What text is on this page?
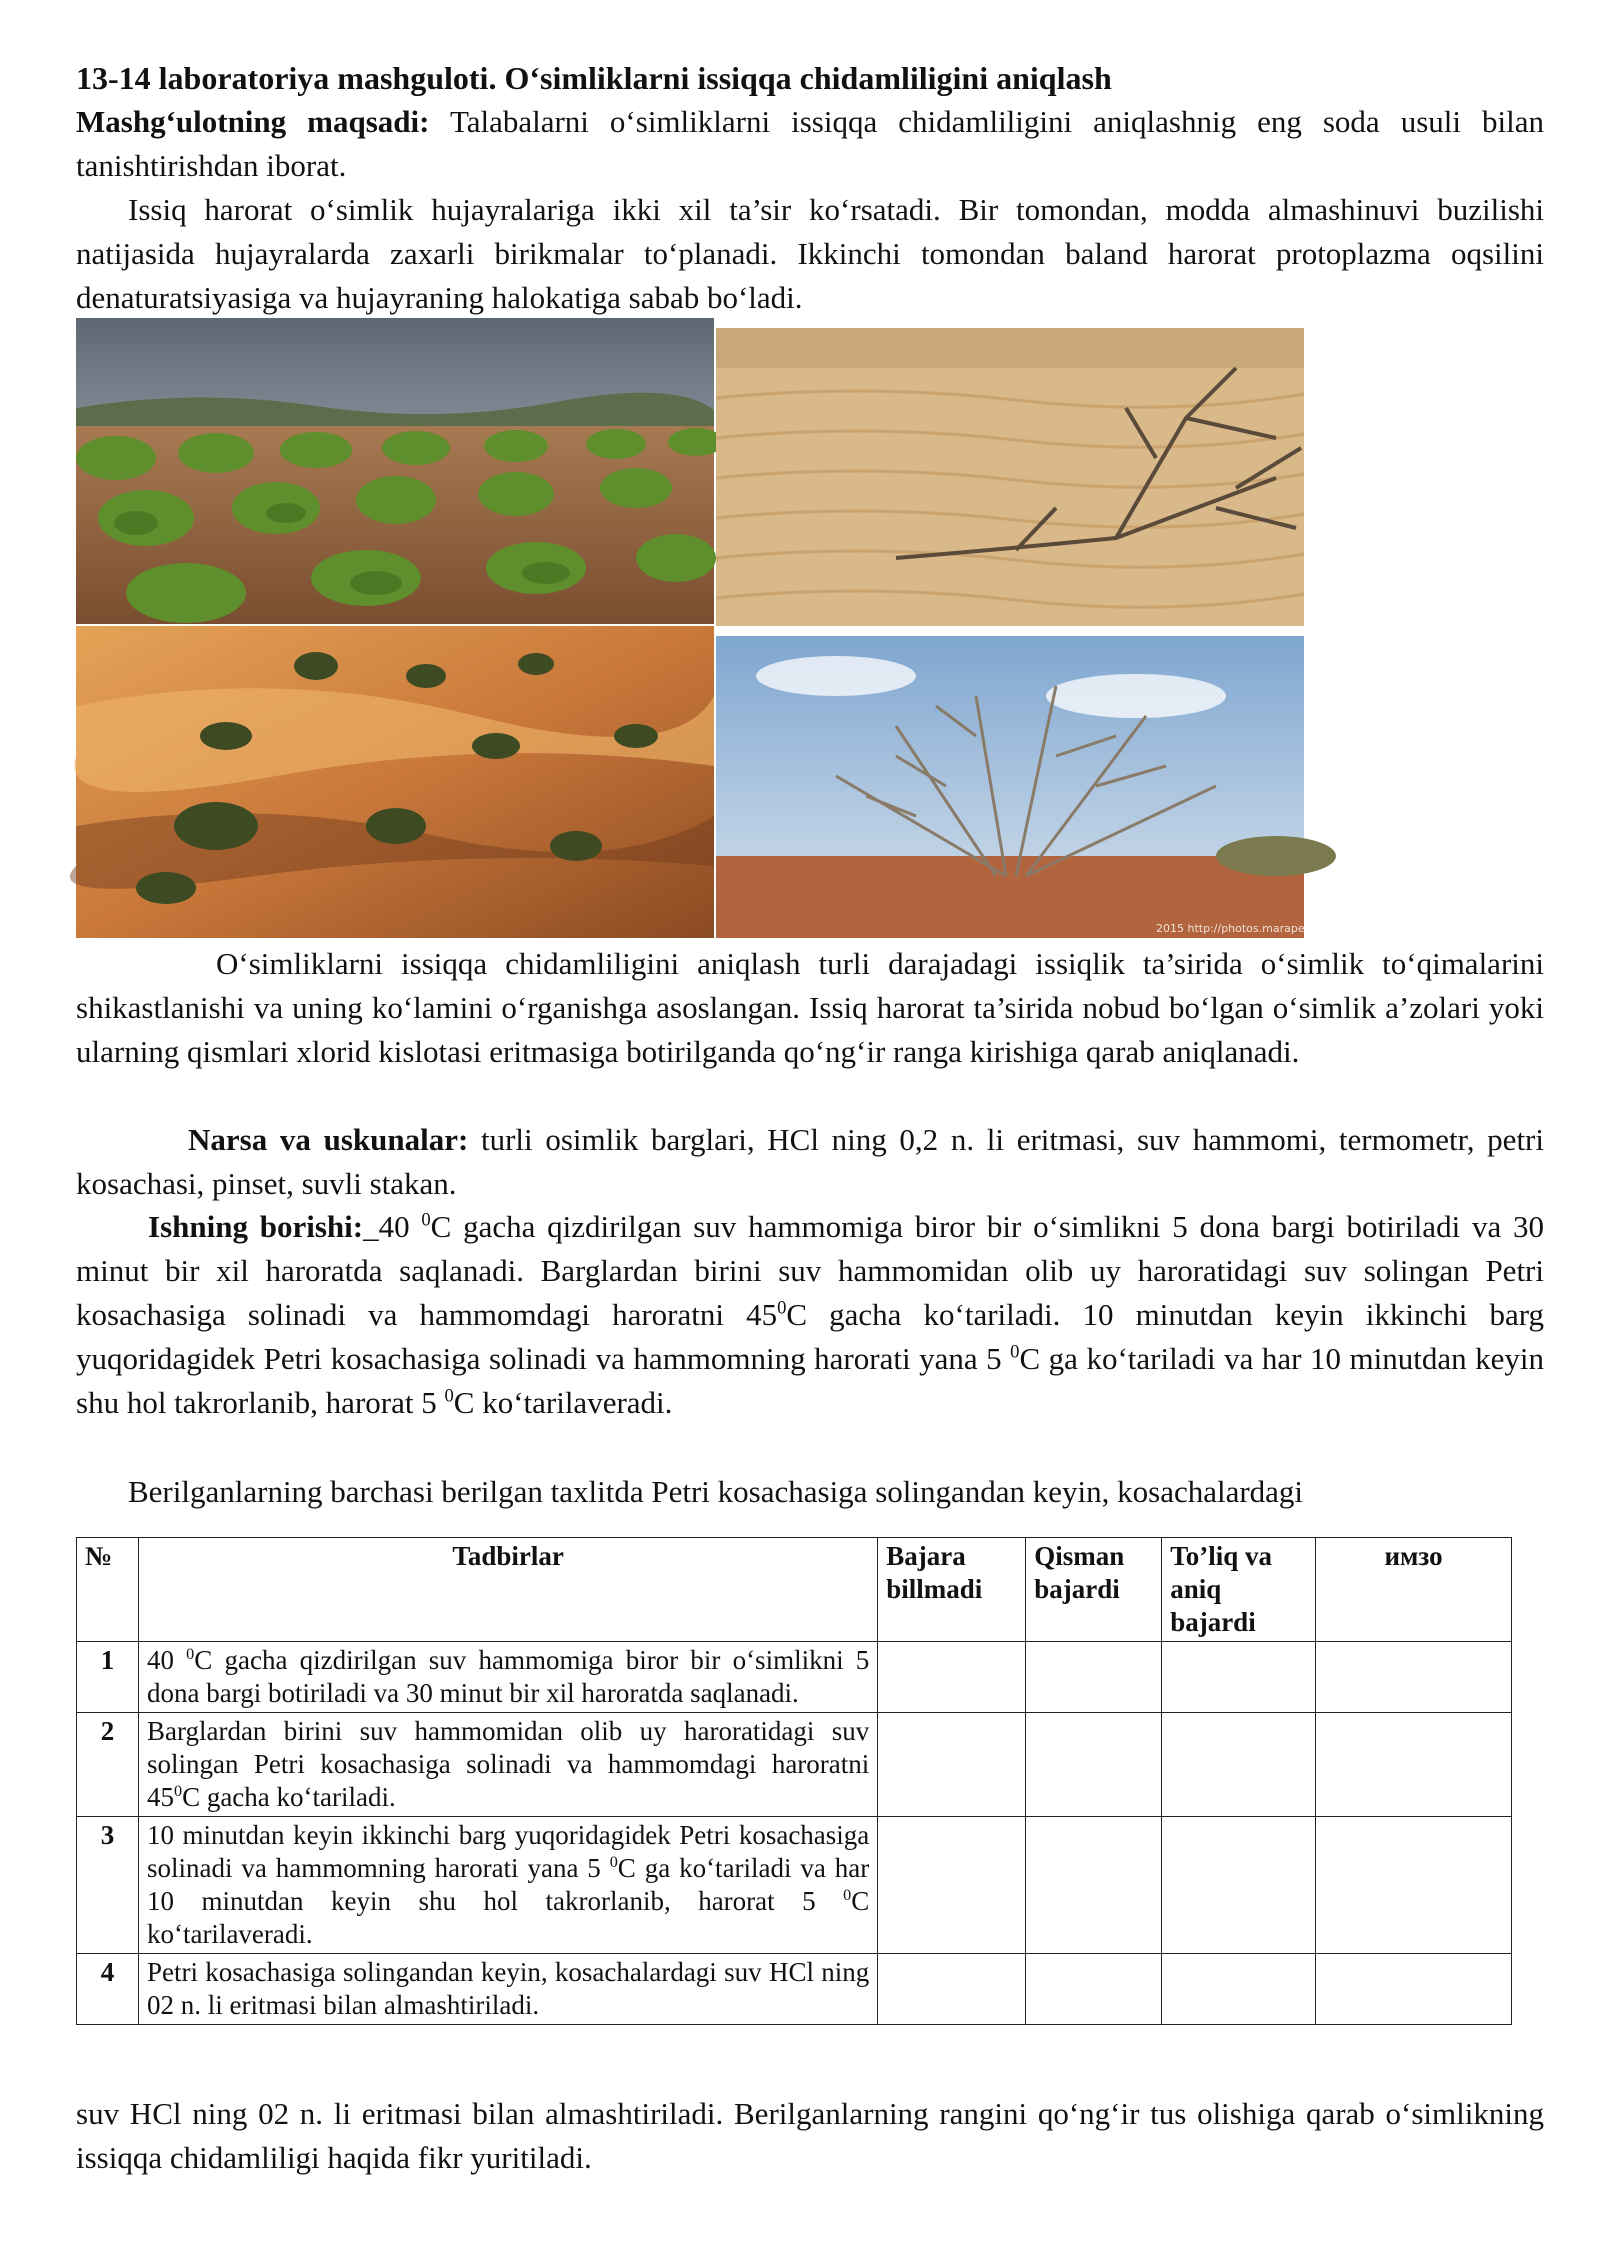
13-14 laboratoriya mashguloti. O‘simliklarni issiqqa chidamliligini aniqlash

Mashg‘ulotning maqsadi: Talabalarni o‘simliklarni issiqqa chidamliligini aniqlashnig eng soda usuli bilan tanishtirishdan iborat.

Issiq harorat o‘simlik hujayralariga ikki xil ta’sir ko‘rsatadi. Bir tomondan, modda almashinuvi buzilishi natijasida hujayralarda zaxarli birikmalar to‘planadi. Ikkinchi tomondan baland harorat protoplazma oqsilini denaturatsiyasiga va hujayraning halokatiga sabab bo‘ladi.
2015 http://photos.marapete.com
O‘simliklarni issiqqa chidamliligini aniqlash turli darajadagi issiqlik ta’sirida o‘simlik to‘qimalarini shikastlanishi va uning ko‘lamini o‘rganishga asoslangan. Issiq harorat ta’sirida nobud bo‘lgan o‘simlik a’zolari yoki ularning qismlari xlorid kislotasi eritmasiga botirilganda qo‘ng‘ir ranga kirishiga qarab aniqlanadi.
Narsa va uskunalar: turli osimlik barglari, HCl ning 0,2 n. li eritmasi, suv hammomi, termometr, petri kosachasi, pinset, suvli stakan.
Ishning borishi:_40 $^0$C gacha qizdirilgan suv hammomiga biror bir o‘simlikni 5 dona bargi botiriladi va 30 minut bir xil haroratda saqlanadi. Barglardan birini suv hammomidan olib uy haroratidagi suv solingan Petri kosachasiga solinadi va hammomdagi haroratni $45^0C$ gacha ko‘tariladi. 10 minutdan keyin ikkinchi barg yuqoridagidek Petri kosachasiga solinadi va hammomning harorati yana 5 $^0$C ga ko‘tariladi va har 10 minutdan keyin shu hol takrorlanib, harorat 5 $^0$C ko‘tarilaveradi.
Berilganlarning barchasi berilgan taxlitda Petri kosachasiga solingandan keyin, kosachalardagi
№	Tadbirlar	Bajara billmadi	Qisman bajardi	To’liq va aniq bajardi	имзо
1	40 $^0$C gacha qizdirilgan suv hammomiga biror bir o‘simlikni 5 dona bargi botiriladi va 30 minut bir xil haroratda saqlanadi.				
2	Barglardan birini suv hammomidan olib uy haroratidagi suv solingan Petri kosachasiga solinadi va hammomdagi haroratni $45^0C$ gacha ko‘tariladi.				
3	10 minutdan keyin ikkinchi barg yuqoridagidek Petri kosachasiga solinadi va hammomning harorati yana 5 $^0$C ga ko‘tariladi va har 10 minutdan keyin shu hol takrorlanib, harorat 5 $^0$C ko‘tarilaveradi.				
4	Petri kosachasiga solingandan keyin, kosachalardagi suv HCl ning 02 n. li eritmasi bilan almashtiriladi.				
suv HCl ning 02 n. li eritmasi bilan almashtiriladi. Berilganlarning rangini qo‘ng‘ir tus olishiga qarab o‘simlikning issiqqa chidamliligi haqida fikr yuritiladi.
